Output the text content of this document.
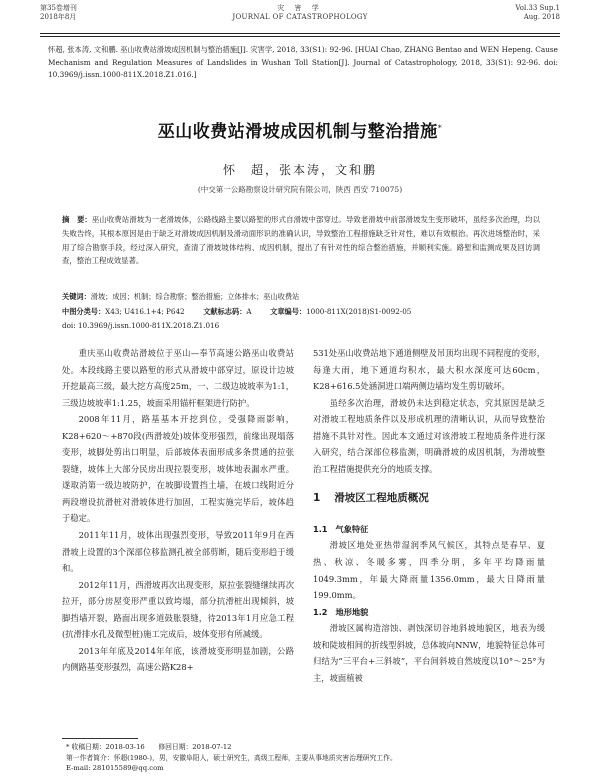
第35卷增刊
2018年8月
灾 害 学
JOURNAL OF CATASTROPHOLOGY
Vol.33 Sup.1
Aug. 2018
怀超, 张本涛, 文和鹏. 巫山收费站滑坡成因机制与整治措施[J]. 灾害学, 2018, 33(S1): 92-96. [HUAI Chao, ZHANG Bentao and WEN Hepeng. Cause Mechanism and Regulation Measures of Landslides in Wushan Toll Station[J]. Journal of Catastrophology, 2018, 33(S1): 92-96. doi: 10.3969/j.issn.1000-811X.2018.Z1.016.]
巫山收费站滑坡成因机制与整治措施*
怀　超，张本涛，文和鹏
(中交第一公路勘察设计研究院有限公司，陕西 西安 710075)
摘　要：巫山收费站滑坡为一老滑坡体，公路线路主要以路堑的形式自滑坡中部穿过。导致老滑坡中前部滑坡发生变形破坏，虽经多次治理，均以失败告终，其根本原因是由于缺乏对滑坡成因机制及滑动面形识的准确认识，导致整治工程措施缺乏针对性，难以有效根治。再次进场整治时，采用了综合勘察手段，经过深入研究，查清了滑坡坡体结构、成因机制，提出了有针对性的综合整治措施，并顺利实施。路堑和监测成果及回访调查，整治工程成效显著。
关键词：滑坡；成因；机制；综合勘察；整治措施；立体排水；巫山收费站
中图分类号：X43; U416.1+4; P642	文献标志码：A	文章编号：1000-811X(2018)S1-0092-05
doi: 10.3969/j.issn.1000-811X.2018.Z1.016

重庆巫山收费站滑坡位于巫山—奉节高速公路巫山收费站处。本段线路主要以路堑的形式从滑坡中部穿过，原设计边坡开挖最高三级，最大挖方高度25m，一、二级边坡坡率为1:1，三级边坡坡率1:1.25，坡面采用锚杆框架进行防护。

2008年11月，路基基本开挖到位，受强降雨影响，K28+620～+870段(西滑坡处)坡体变形强烈，前缘出现塌落变形，坡脚处剪出口明显，后部坡体表面形成多条贯通的拉张裂缝，坡体上大部分民房出现拉裂变形，坡体地表漏水严重。遂取消第一级边坡防护，在坡脚设置挡土墙，在坡口线附近分两段增设抗滑桩对滑坡体进行加固，工程实施完毕后，坡体趋于稳定。

2011年11月，坡体出现强烈变形，导致2011年9月在西滑坡上设置的3个深部位移监测孔被全部剪断，随后变形趋于缓和。

2012年11月，西滑坡再次出现变形，原拉张裂缝继续再次拉开，部分房屋变形严重以致垮塌，部分抗滑桩出现倾斜，坡脚挡墙开裂，路面出现多道鼓胀裂缝，待2013年1月应急工程(抗滑排水孔及微型桩)施工完成后，坡体变形有所减缓。

2013年年底及2014年年底，该滑坡变形明显加剧，公路内侧路基变形强烈，高速公路K28+

531处巫山收费站地下通道侧壁及吊顶均出现不同程度的变形，每逢大雨，地下通道均积水，最大积水深度可达60cm，K28+616.5处涵洞进口端两侧边墙均发生剪切破坏。

虽经多次治理，滑坡仍未达到稳定状态，究其原因是缺乏对滑坡工程地质条件以及形成机理的清晰认识，从而导致整治措施不具针对性。因此本文通过对该滑坡工程地质条件进行深入研究，结合深部位移监测，明确滑坡的成因机制，为滑坡整治工程措施提供充分的地质支撑。

1 滑坡区工程地质概况
1.1 气象特征

滑坡区地处亚热带湿润季风气候区，其特点是春早、夏热、秋凉、冬暖多雾，四季分明，多年平均降雨量1049.3mm，年最大降雨量1356.0mm，最大日降雨量199.0mm。

1.2 地形地貌

滑坡区属构造溶蚀、剥蚀深切谷地斜坡地貌区，地表为缓坡和陡坡相间的折线型斜坡，总体坡向NNW，地貌特征总体可归结为“三平台+三斜坡”，平台间斜坡自然坡度以10°～25°为主，坡面植被

* 收稿日期：2018-03-16　　修回日期：2018-07-12
第一作者简介：怀超(1980-)，男，安徽阜阳人，硕士研究生，高级工程师，主要从事地质灾害治理研究工作。
E-mail: 281015589@qq.com
